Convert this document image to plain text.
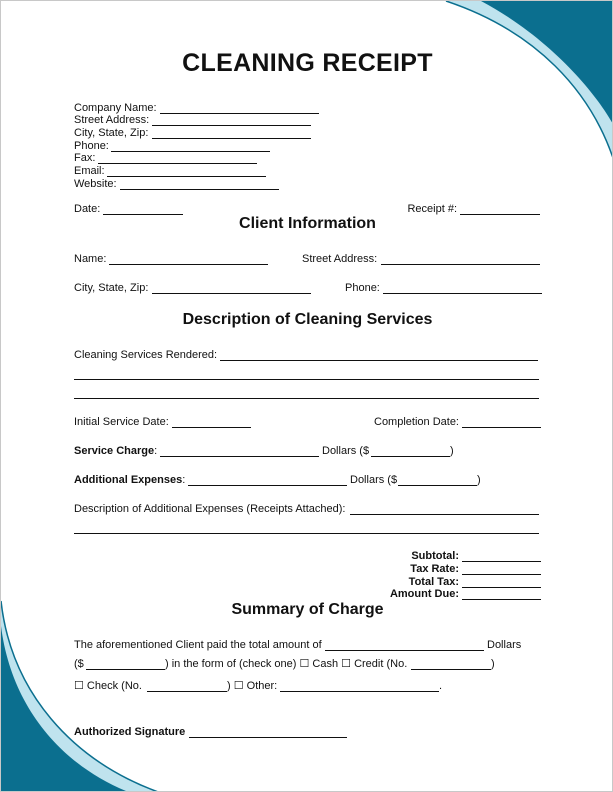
CLEANING RECEIPT
Company Name:
Street Address:
City, State, Zip:
Phone:
Fax:
Email:
Website:
Date:	Receipt #:
Client Information
Name:	Street Address:
City, State, Zip:	Phone:
Description of Cleaning Services
Cleaning Services Rendered:
Initial Service Date:	Completion Date:
Service Charge:	Dollars ($	)
Additional Expenses:	Dollars ($	)
Description of Additional Expenses (Receipts Attached):
Subtotal:
Tax Rate:
Total Tax:
Amount Due:
Summary of Charge
The aforementioned Client paid the total amount of	Dollars
($	) in the form of (check one) ☐ Cash ☐ Credit (No.	)
☐ Check (No.	) ☐ Other:	.
Authorized Signature
